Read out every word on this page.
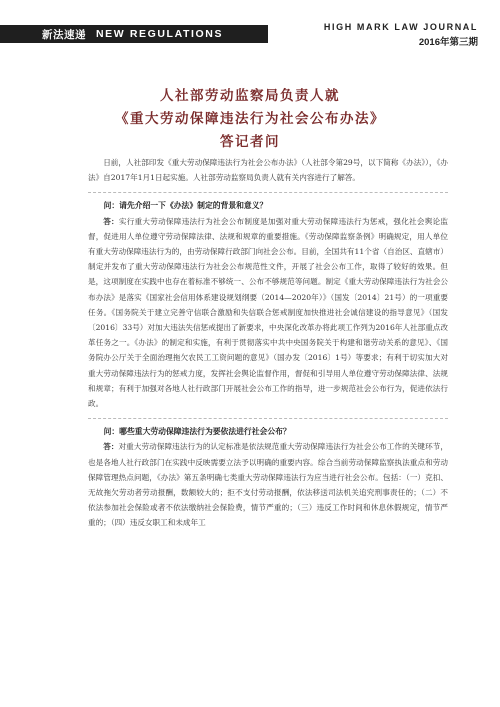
新法速递 NEW REGULATIONS
HIGH MARK LAW JOURNAL
2016年第三期
人社部劳动监察局负责人就
《重大劳动保障违法行为社会公布办法》
答记者问

日前，人社部印发《重大劳动保障违法行为社会公布办法》（人社部令第29号，以下简称《办法》），《办法》自2017年1月1日起实施。人社部劳动监察局负责人就有关内容进行了解答。

问：请先介绍一下《办法》制定的背景和意义？

答：实行重大劳动保障违法行为社会公布制度是加强对重大劳动保障违法行为惩戒，强化社会舆论监督，促进用人单位遵守劳动保障法律、法规和规章的重要措施。《劳动保障监察条例》明确规定，用人单位有重大劳动保障违法行为的，由劳动保障行政部门向社会公布。目前，全国共有11个省（自治区、直辖市）制定并发布了重大劳动保障违法行为社会公布规范性文件，开展了社会公布工作，取得了较好的效果。但是，这项制度在实践中也存在着标准不够统一、公布不够规范等问题。制定《重大劳动保障违法行为社会公布办法》是落实《国家社会信用体系建设规划纲要（2014—2020年）》（国发〔2014〕21号）的一项重要任务。《国务院关于建立完善守信联合激励和失信联合惩戒制度加快推进社会诚信建设的指导意见》（国发〔2016〕33号）对加大违法失信惩戒提出了新要求，中央深化改革办将此项工作列为2016年人社部重点改革任务之一。《办法》的制定和实施，有利于贯彻落实中共中央国务院关于构建和谐劳动关系的意见》、《国务院办公厅关于全面治理拖欠农民工工资问题的意见》（国办发〔2016〕1号）等要求；有利于切实加大对重大劳动保障违法行为的惩戒力度，发挥社会舆论监督作用，督促和引导用人单位遵守劳动保障法律、法规和规章；有利于加强对各地人社行政部门开展社会公布工作的指导，进一步规范社会公布行为，促进依法行政。

问：哪些重大劳动保障违法行为要依法进行社会公布？

答：对重大劳动保障违法行为的认定标准是依法规范重大劳动保障违法行为社会公布工作的关键环节，也是各地人社行政部门在实践中反映需要立法予以明确的重要内容。综合当前劳动保障监察执法重点和劳动保障管理热点问题，《办法》第五条明确七类重大劳动保障违法行为应当进行社会公布。包括：（一）克扣、无故拖欠劳动者劳动报酬，数额较大的；拒不支付劳动报酬，依法移送司法机关追究刑事责任的；（二）不依法参加社会保险或者不依法缴纳社会保险费，情节严重的；（三）违反工作时间和休息休假规定，情节严重的；（四）违反女职工和未成年工
